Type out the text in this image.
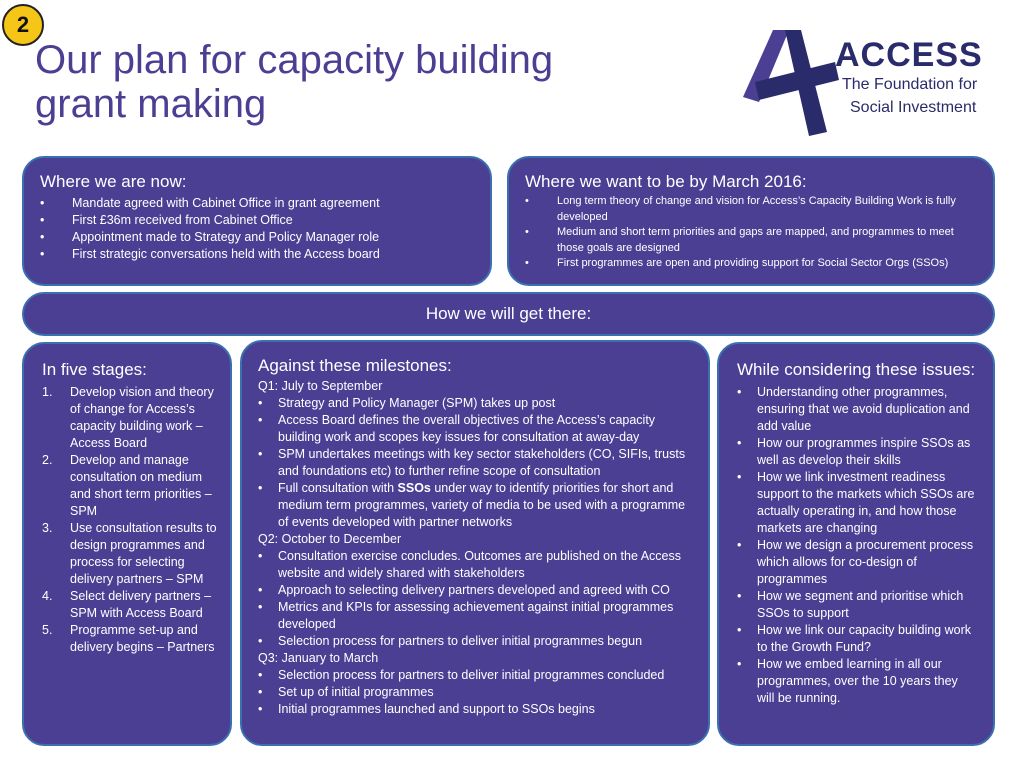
2
Our plan for capacity building
grant making
ACCESS
The Foundation for
Social Investment
Where we are now:
• Mandate agreed with Cabinet Office in grant agreement
• First £36m received from Cabinet Office
• Appointment made to Strategy and Policy Manager role
• First strategic conversations held with the Access board
Where we want to be by March 2016:
• Long term theory of change and vision for Access’s Capacity Building Work is fully developed
• Medium and short term priorities and gaps are mapped, and programmes to meet those goals are designed
• First programmes are open and providing support for Social Sector Orgs (SSOs)
How we will get there:
In five stages:
Develop vision and theory of change for Access’s capacity building work – Access Board
Develop and manage consultation on medium and short term priorities – SPM
Use consultation results to design programmes and process for selecting delivery partners – SPM
Select delivery partners – SPM with Access Board
Programme set-up and delivery begins – Partners
Against these milestones:
Q1: July to September
• Strategy and Policy Manager (SPM) takes up post
• Access Board defines the overall objectives of the Access’s capacity building work and scopes key issues for consultation at away-day
• SPM undertakes meetings with key sector stakeholders (CO, SIFIs, trusts and foundations etc) to further refine scope of consultation
• Full consultation with SSOs under way to identify priorities for short and medium term programmes, variety of media to be used with a programme of events developed with partner networks
Q2: October to December
• Consultation exercise concludes. Outcomes are published on the Access website and widely shared with stakeholders
• Approach to selecting delivery partners developed and agreed with CO
• Metrics and KPIs for assessing achievement against initial programmes developed
• Selection process for partners to deliver initial programmes begun
Q3: January to March
• Selection process for partners to deliver initial programmes concluded
• Set up of initial programmes
• Initial programmes launched and support to SSOs begins
While considering these issues:
• Understanding other programmes, ensuring that we avoid duplication and add value
• How our programmes inspire SSOs as well as develop their skills
• How we link investment readiness support to the markets which SSOs are actually operating in, and how those markets are changing
• How we design a procurement process which allows for co-design of programmes
• How we segment and prioritise which SSOs to support
• How we link our capacity building work to the Growth Fund?
• How we embed learning in all our programmes, over the 10 years they will be running.
